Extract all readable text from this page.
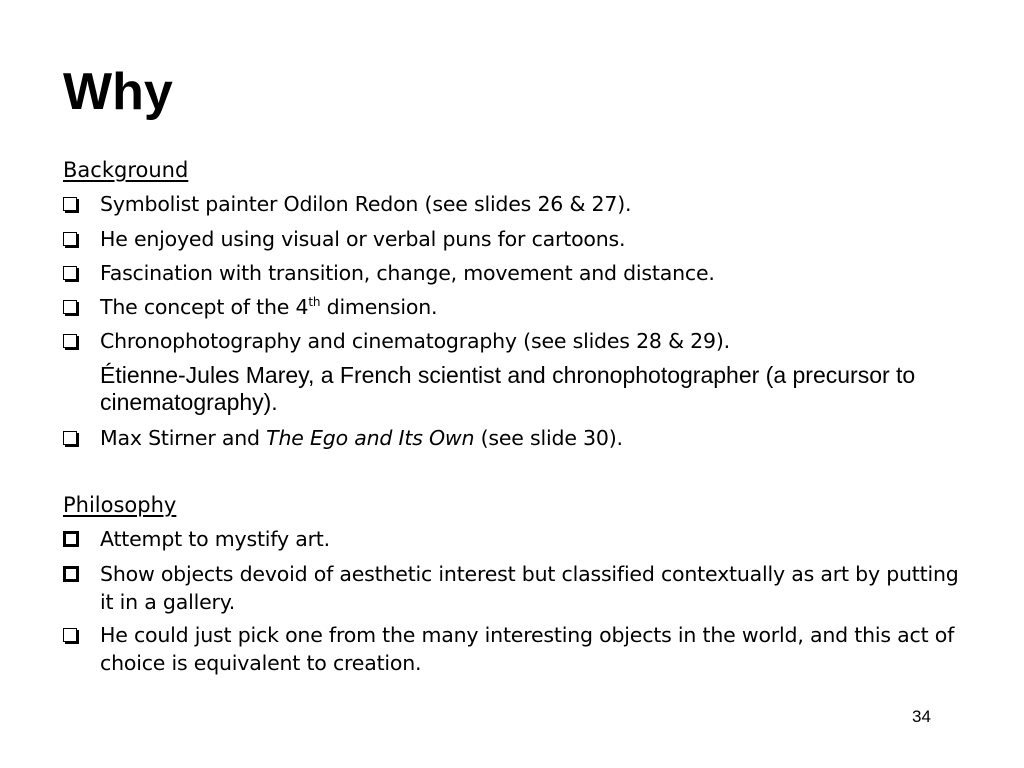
Why
Background
Symbolist painter Odilon Redon (see slides 26 & 27).
He enjoyed using visual or verbal puns for cartoons.
Fascination with transition, change, movement and distance.
The concept of the 4th dimension.
Chronophotography and cinematography (see slides 28 & 29).
Étienne-Jules Marey, a French scientist and chronophotographer (a precursor to cinematography).
Max Stirner and The Ego and Its Own (see slide 30).
Philosophy
Attempt to mystify art.
Show objects devoid of aesthetic interest but classified contextually as art by putting it in a gallery.
He could just pick one from the many interesting objects in the world, and this act of choice is equivalent to creation.
34
